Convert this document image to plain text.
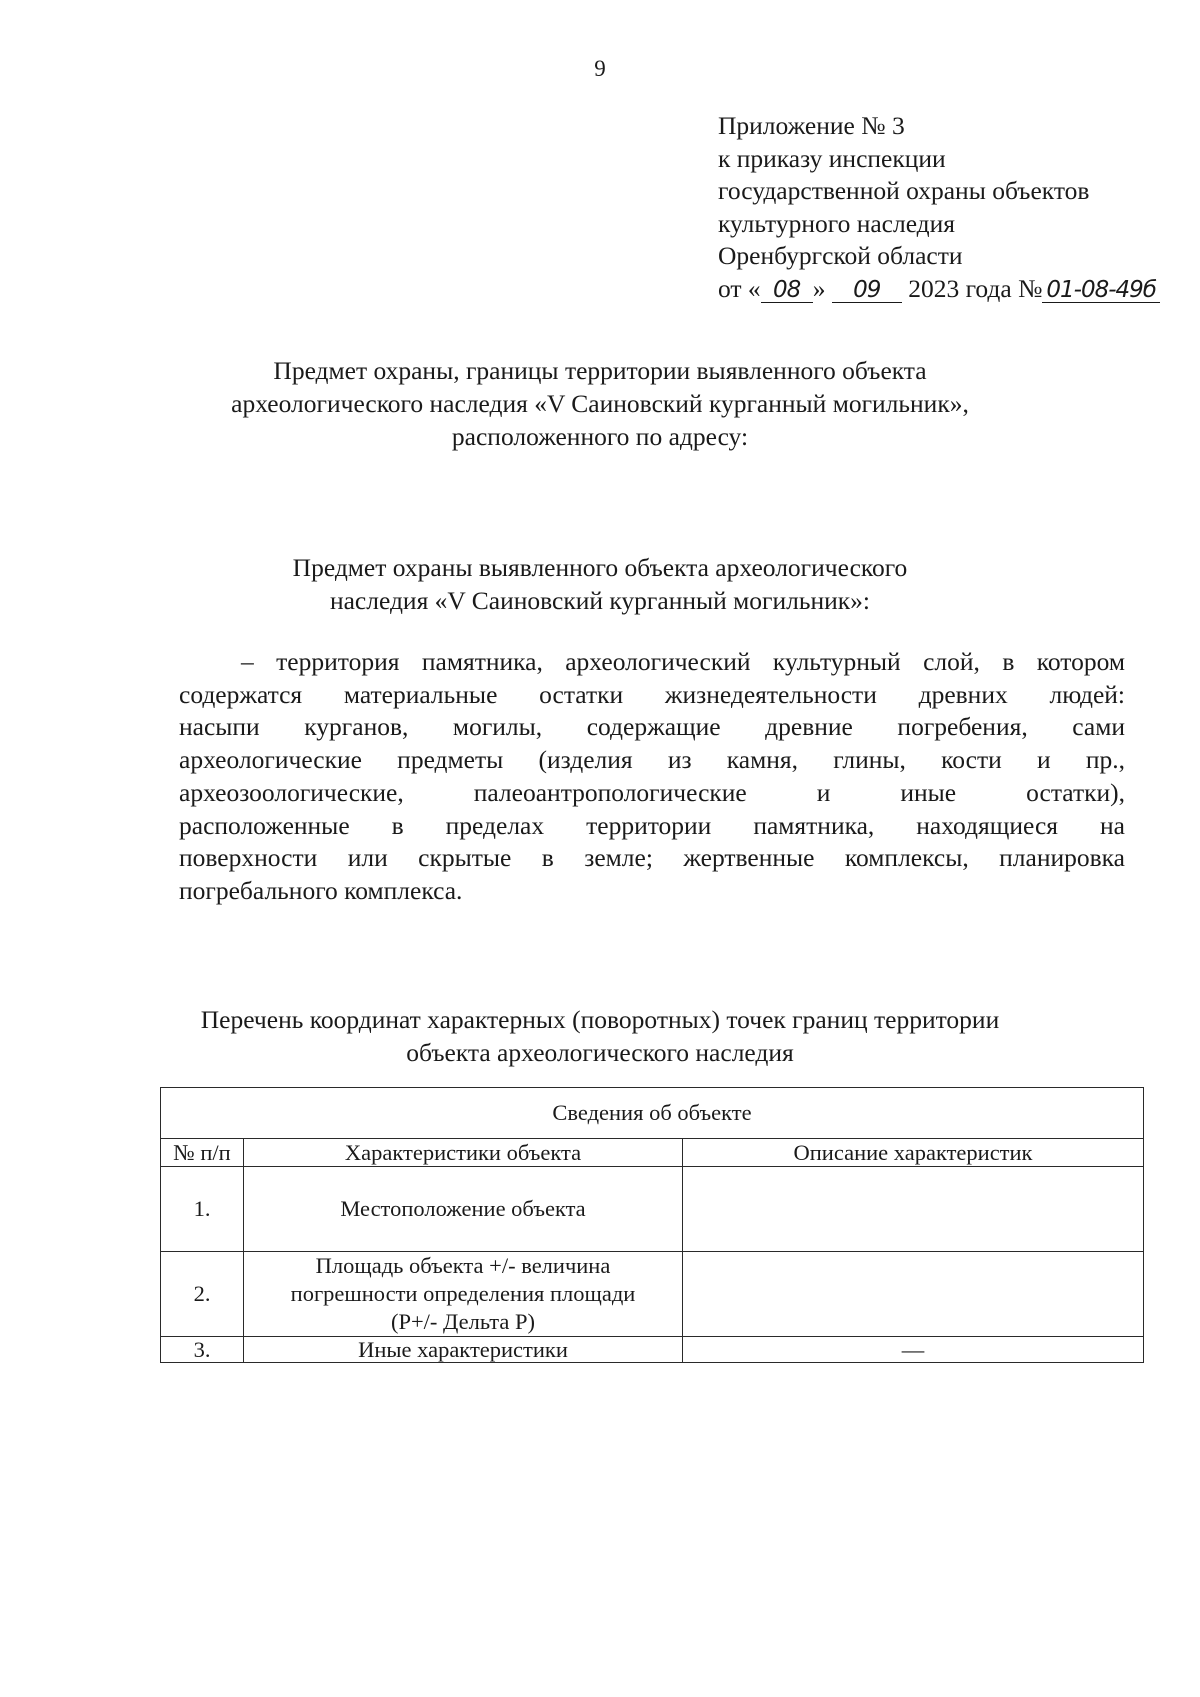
9
Приложение № 3
к приказу инспекции
государственной охраны объектов
культурного наследия
Оренбургской области
от « 08 » 09 2023 года № 01-08-49б
Предмет охраны, границы территории выявленного объекта
археологического наследия «V Саиновский курганный могильник»,
расположенного по адресу:
Предмет охраны выявленного объекта археологического
наследия «V Саиновский курганный могильник»:
– территория памятника, археологический культурный слой, в котором
содержатся материальные остатки жизнедеятельности древних людей:
насыпи курганов, могилы, содержащие древние погребения, сами
археологические предметы (изделия из камня, глины, кости и пр.,
археозоологические, палеоантропологические и иные остатки),
расположенные в пределах территории памятника, находящиеся на
поверхности или скрытые в земле; жертвенные комплексы, планировка
погребального комплекса.
Перечень координат характерных (поворотных) точек границ территории
объекта археологического наследия
Сведения об объекте		
№ п/п	Характеристики объекта	Описание характеристик
1.	Местоположение объекта	
2.	Площадь объекта +/- величина
погрешности определения площади
(Р+/- Дельта Р)	

3.	Иные характеристики	—
